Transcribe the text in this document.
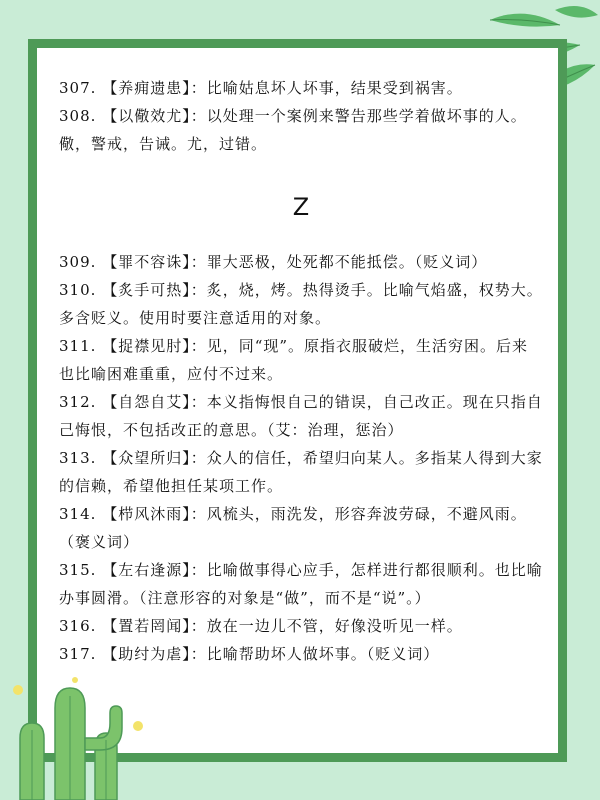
307. 【养痈遗患】：比喻姑息坏人坏事，结果受到祸害。

308. 【以儆效尤】：以处理一个案例来警告那些学着做坏事的人。儆，警戒，告诫。尤，过错。

Z

309. 【罪不容诛】：罪大恶极，处死都不能抵偿。（贬义词）

310. 【炙手可热】：炙，烧，烤。热得烫手。比喻气焰盛，权势大。多含贬义。使用时要注意适用的对象。

311. 【捉襟见肘】：见，同“现”。原指衣服破烂，生活穷困。后来也比喻困难重重，应付不过来。

312. 【自怨自艾】：本义指悔恨自己的错误，自己改正。现在只指自己悔恨，不包括改正的意思。（艾：治理，惩治）

313. 【众望所归】：众人的信任，希望归向某人。多指某人得到大家的信赖，希望他担任某项工作。

314. 【栉风沐雨】：风梳头，雨洗发，形容奔波劳碌，不避风雨。（褒义词）

315. 【左右逢源】：比喻做事得心应手，怎样进行都很顺利。也比喻办事圆滑。（注意形容的对象是“做”，而不是“说”。）

316. 【置若罔闻】：放在一边儿不管，好像没听见一样。

317. 【助纣为虐】：比喻帮助坏人做坏事。（贬义词）
